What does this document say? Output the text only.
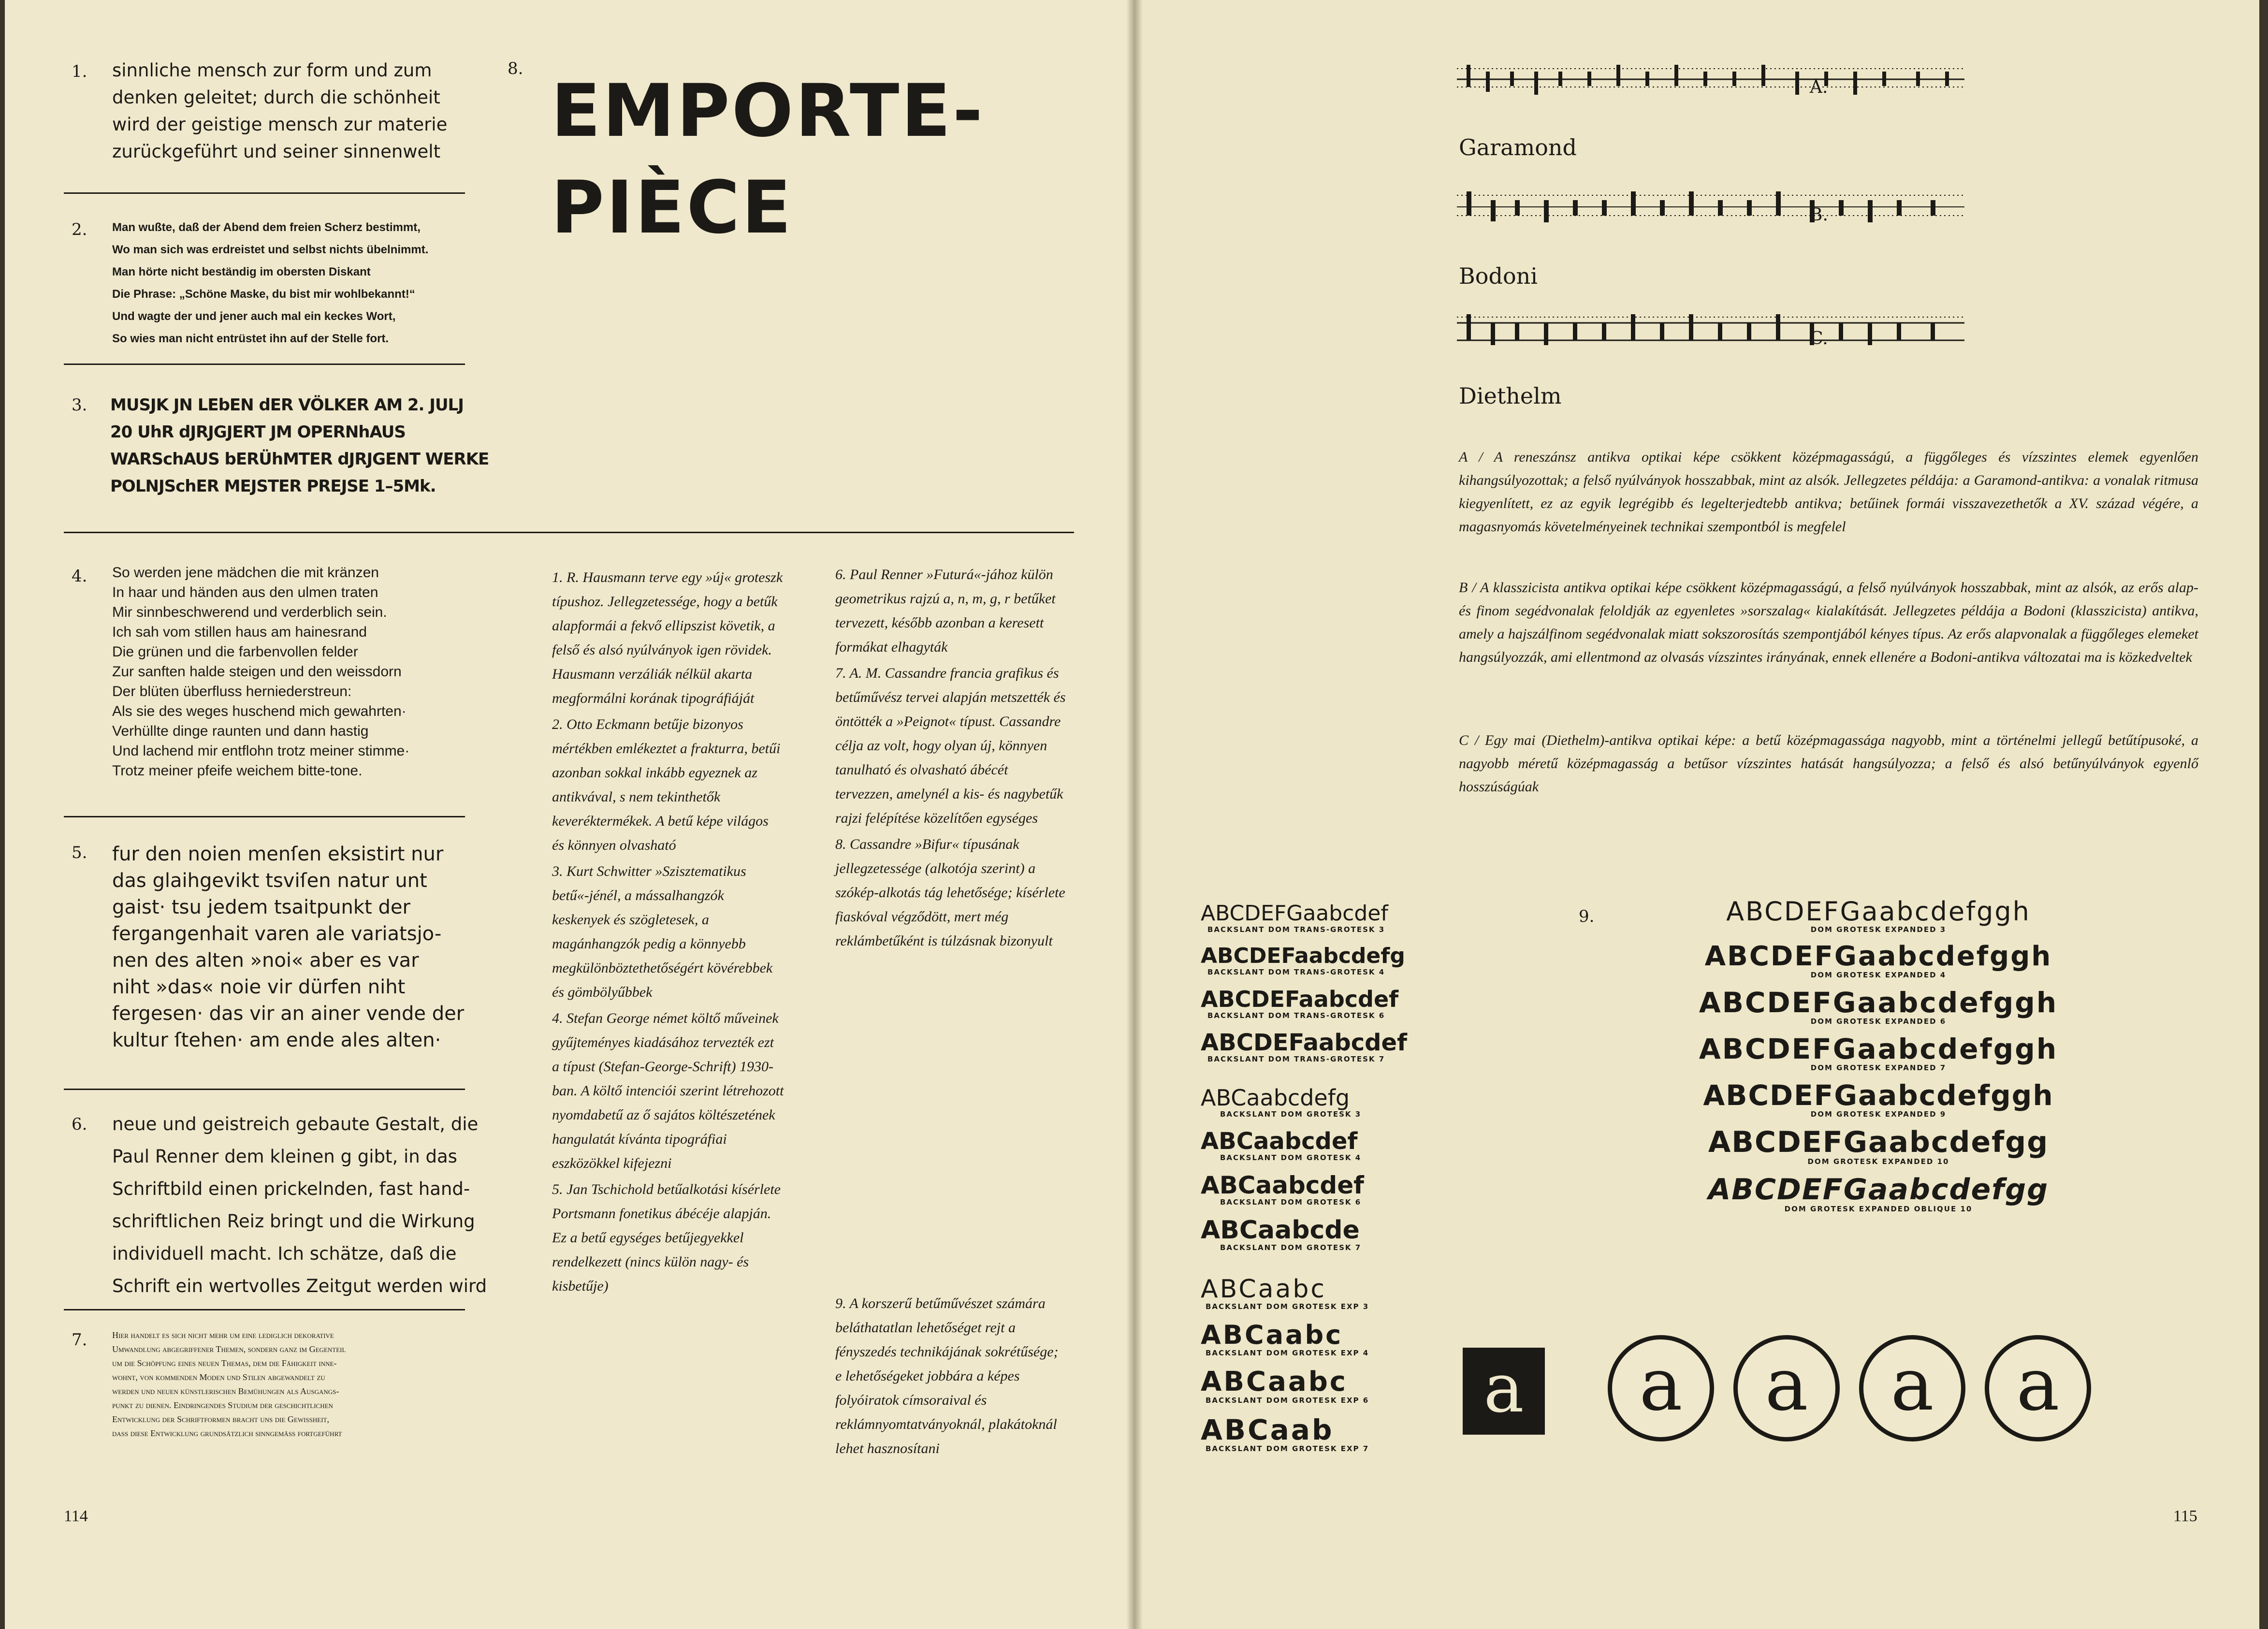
1. sinnliche mensch zur form und zum
denken geleitet; durch die schönheit
wird der geistige mensch zur materie
zurückgeführt und seiner sinnenwelt
2. Man wußte, daß der Abend dem freien Scherz bestimmt,
Wo man sich was erdreistet und selbst nichts übelnimmt.
Man hörte nicht beständig im obersten Diskant
Die Phrase: „Schöne Maske, du bist mir wohlbekannt!“
Und wagte der und jener auch mal ein keckes Wort,
So wies man nicht entrüstet ihn auf der Stelle fort.
3. MUSJK JN LEbEN dER VÖLKER AM 2. JULJ
20 UhR dJRJGJERT JM OPERNhAUS
WARSchAUS bERÜhMTER dJRJGENT WERKE
POLNJSchER MEJSTER PREJSE 1–5Mk.
8.
EMPORTE-
PIÈCE
4. So werden jene mädchen die mit kränzen
In haar und händen aus den ulmen traten
Mir sinnbeschwerend und verderblich sein.
Ich sah vom stillen haus am hainesrand
Die grünen und die farbenvollen felder
Zur sanften halde steigen und den weissdorn
Der blüten überfluss herniederstreun:
Als sie des weges huschend mich gewahrten·
Verhüllte dinge raunten und dann hastig
Und lachend mir entflohn trotz meiner stimme·
Trotz meiner pfeife weichem bitte-tone.
5. fur den noien menſen eksistirt nur
das glaihgevikt tsviſen natur unt
gaist· tsu jedem tsaitpunkt der
fergangenhait varen ale variatsjo-
nen des alten »noi« aber es var
niht »das« noie vir dürfen niht
fergesen· das vir an ainer vende der
kultur ſtehen· am ende ales alten·
6. neue und geistreich gebaute Gestalt, die
Paul Renner dem kleinen g gibt, in das
Schriftbild einen prickelnden, fast hand-
schriftlichen Reiz bringt und die Wirkung
individuell macht. Ich schätze, daß die
Schrift ein wertvolles Zeitgut werden wird
7.	Hier handelt es sich nicht mehr um eine lediglich dekorative
Umwandlung abgegriffener Themen, sondern ganz im Gegenteil
um die Schöpfung eines neuen Themas, dem die Fähigkeit inne-
wohnt, von kommenden Moden und Stilen abgewandelt zu
werden und neuen künstlerischen Bemühungen als Ausgangs-
punkt zu dienen. Eindringendes Studium der geschichtlichen
Entwicklung der Schriftformen bracht uns die Gewissheit,
dass diese Entwicklung grundsätzlich sinngemäss fortgeführt

1. R. Hausmann terve egy »új« groteszk típushoz. Jellegzetessége, hogy a betűk alapformái a fekvő ellipszist követik, a felső és alsó nyúlványok igen rövidek. Hausmann verzáliák nélkül akarta megformálni korának tipográfiáját

2. Otto Eckmann betűje bizonyos mértékben emlékeztet a frakturra, betűi azonban sokkal inkább egyeznek az antikvával, s nem tekinthetők keveréktermékek. A betű képe világos és könnyen olvasható

3. Kurt Schwitter »Szisztematikus betű«-jénél, a mássalhangzók keskenyek és szögletesek, a magánhangzók pedig a könnyebb megkülönböztethetőségért kövérebbek és gömbölyűbbek

4. Stefan George német költő műveinek gyűjteményes kiadásához tervezték ezt a típust (Stefan-George-Schrift) 1930-ban. A költő intenciói szerint létrehozott nyomdabetű az ő sajátos költészetének hangulatát kívánta tipográfiai eszközökkel kifejezni

5. Jan Tschichold betűalkotási kísérlete Portsmann fonetikus ábécéje alapján. Ez a betű egységes betűjegyekkel rendelkezett (nincs külön nagy- és kisbetűje)

6. Paul Renner »Futurá«-jához külön geometrikus rajzú a, n, m, g, r betűket tervezett, később azonban a keresett formákat elhagyták

7. A. M. Cassandre francia grafikus és betűművész tervei alapján metszették és öntötték a »Peignot« típust. Cassandre célja az volt, hogy olyan új, könnyen tanulható és olvasható ábécét tervezzen, amelynél a kis- és nagybetűk rajzi felépítése közelítően egységes

8. Cassandre »Bifur« típusának jellegzetessége (alkotója szerint) a szókép-alkotás tág lehetősége; kísérlete fiaskóval végződött, mert még reklámbetűként is túlzásnak bizonyult

9. A korszerű betűművészet számára beláthatatlan lehetőséget rejt a fényszedés technikájának sokrétűsége; e lehetőségeket jobbára a képes folyóiratok címsoraival és reklámnyomtatványoknál, plakátoknál lehet hasznosítani

114
A.
Garamond
B.
Bodoni
C.
Diethelm
A / A reneszánsz antikva optikai képe csökkent középmagasságú, a függőleges és vízszintes elemek egyenlően kihangsúlyozottak; a felső nyúlványok hosszabbak, mint az alsók. Jellegzetes példája: a Garamond-antikva: a vonalak ritmusa kiegyenlített, ez az egyik legrégibb és legelterjedtebb antikva; betűinek formái visszavezethetők a XV. század végére, a magasnyomás követelményeinek technikai szempontból is megfelel
B / A klasszicista antikva optikai képe csökkent középmagasságú, a felső nyúlványok hosszabbak, mint az alsók, az erős alap- és finom segédvonalak feloldják az egyenletes »sorszalag« kialakítását. Jellegzetes példája a Bodoni (klasszicista) antikva, amely a hajszálfinom segédvonalak miatt sokszorosítás szempontjából kényes típus. Az erős alapvonalak a függőleges elemeket hangsúlyozzák, ami ellentmond az olvasás vízszintes irányának, ennek ellenére a Bodoni-antikva változatai ma is közkedveltek
C / Egy mai (Diethelm)-antikva optikai képe: a betű középmagassága nagyobb, mint a történelmi jellegű betűtípusoké, a nagyobb méretű középmagasság a betűsor vízszintes hatását hangsúlyozza; a felső és alsó betűnyúlványok egyenlő hosszúságúak
ABCDEFGaabcdef
BACKSLANT DOM TRANS-GROTESK 3
ABCDEFaabcdefg
BACKSLANT DOM TRANS-GROTESK 4
ABCDEFaabcdef
BACKSLANT DOM TRANS-GROTESK 6
ABCDEFaabcdef
BACKSLANT DOM TRANS-GROTESK 7
ABCaabcdefg
BACKSLANT DOM GROTESK 3
ABCaabcdef
BACKSLANT DOM GROTESK 4
ABCaabcdef
BACKSLANT DOM GROTESK 6
ABCaabcde
BACKSLANT DOM GROTESK 7
ABCaabc
BACKSLANT DOM GROTESK EXP 3
ABCaabc
BACKSLANT DOM GROTESK EXP 4
ABCaabc
BACKSLANT DOM GROTESK EXP 6
ABCaab
BACKSLANT DOM GROTESK EXP 7
9.	ABCDEFGaabcdefggh
DOM GROTESK EXPANDED 3
ABCDEFGaabcdefggh
DOM GROTESK EXPANDED 4
ABCDEFGaabcdefggh
DOM GROTESK EXPANDED 6
ABCDEFGaabcdefggh
DOM GROTESK EXPANDED 7
ABCDEFGaabcdefggh
DOM GROTESK EXPANDED 9
ABCDEFGaabcdefgg
DOM GROTESK EXPANDED 10
ABCDEFGaabcdefgg
DOM GROTESK EXPANDED OBLIQUE 10
a	a	a	a	a
115
